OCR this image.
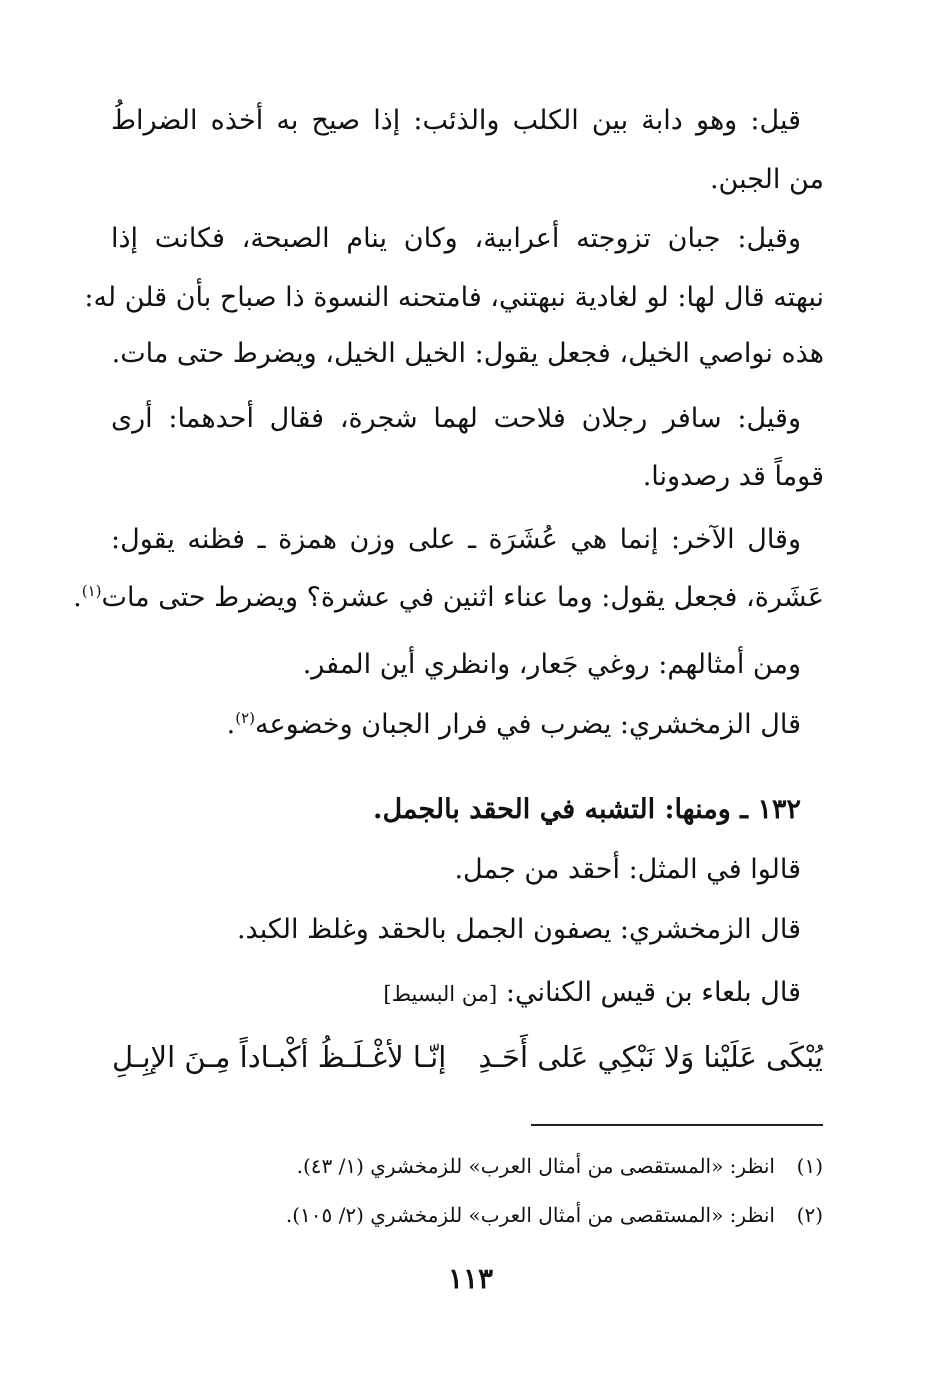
قيل: وهو دابة بين الكلب والذئب: إذا صيح به أخذه الضراطُ
من الجبن.
وقيل: جبان تزوجته أعرابية، وكان ينام الصبحة، فكانت إذا
نبهته قال لها: لو لغادية نبهتني، فامتحنه النسوة ذا صباح بأن قلن له:
هذه نواصي الخيل، فجعل يقول: الخيل الخيل، ويضرط حتى مات.
وقيل: سافر رجلان فلاحت لهما شجرة، فقال أحدهما: أرى
قوماً قد رصدونا.
وقال الآخر: إنما هي عُشَرَة ـ على وزن همزة ـ فظنه يقول:
عَشَرة، فجعل يقول: وما عناء اثنين في عشرة؟ ويضرط حتى مات$^{(١)}$.
ومن أمثالهم: روغي جَعار، وانظري أين المفر.
قال الزمخشري: يضرب في فرار الجبان وخضوعه$^{(٢)}$.
١٣٢ ـ ومنها: التشبه في الحقد بالجمل.
قالوا في المثل: أحقد من جمل.
قال الزمخشري: يصفون الجمل بالحقد وغلظ الكبد.
قال بلعاء بن قيس الكناني: [من البسيط]
يُبْكَى عَلَيْنا وَلا نَبْكِي عَلى أَحَـدِ
إنّـا لأغْـلَـظُ أكْبـاداً مِـنَ الإبِـلِ
(١)انظر: «المستقصى من أمثال العرب» للزمخشري (١/ ٤٣).
(٢)انظر: «المستقصى من أمثال العرب» للزمخشري (٢/ ١٠٥).
١١٣
